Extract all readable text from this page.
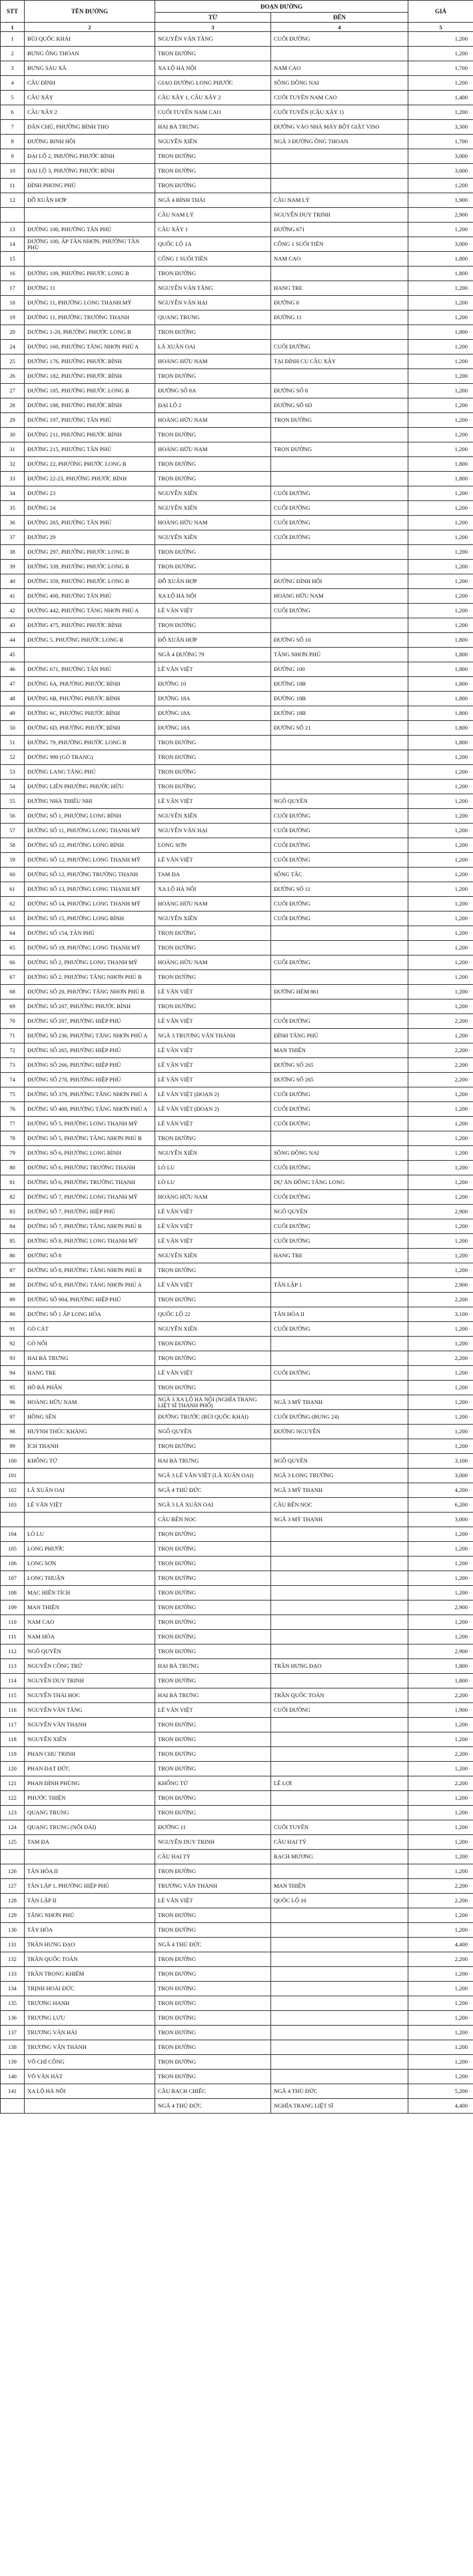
STT	TÊN ĐƯỜNG	ĐOẠN ĐƯỜNG		GIÁ
		TỪ	ĐẾN	
1	2	3	4	5
1	BÙI QUỐC KHÁI	NGUYỄN VĂN TĂNG	CUỐI ĐƯỜNG	1,200
2	BƯNG ÔNG THOAN	TRỌN ĐƯỜNG		1,200
3	BƯNG SÁU XÃ	XA LỘ HÀ NỘI	NAM CAO	1,700
4	CẦU ĐÌNH	GIAO ĐƯỜNG LONG PHƯỚC	SÔNG ĐỒNG NAI	1,200
5	CẦU XÂY	CẦU XÂY 1, CẦU XÂY 2	CUỐI TUYẾN NAM CAO	1,400
6	CẦU XÂY 2	CUỐI TUYẾN NAM CAO	CUỐI TUYẾN (CẦU XÂY 1)	1,200
7	DÂN CHỦ, PHƯỜNG BÌNH THỌ	HAI BÀ TRƯNG	ĐƯỜNG VÀO NHÀ MÁY BỘT GIẶT VISO	3,300
8	ĐƯỜNG BINH HỘI	NGUYỄN XIỂN	NGÃ 3 ĐƯỜNG ÔNG THOAN	1,700
9	ĐẠI LỘ 2, PHƯỜNG PHƯỚC BÌNH	TRỌN ĐƯỜNG		3,000
10	ĐẠI LỘ 3, PHƯỜNG PHƯỚC BÌNH	TRỌN ĐƯỜNG		3,000
11	ĐÌNH PHONG PHÚ	TRỌN ĐƯỜNG		1,200
12	ĐỖ XUÂN HỢP	NGÃ 4 BÌNH THÁI	CẦU NAM LÝ	1,900
		CẦU NAM LÝ	NGUYỄN DUY TRINH	2,900
13	ĐƯỜNG 100, PHƯỜNG TÂN PHÚ	CẦU XÂY 1	ĐƯỜNG 671	1,200
14	ĐƯỜNG 100, ẤP TÂN NHƠN, PHƯỜNG TÂN PHÚ	QUỐC LỘ 1A	CÔNG 1 SUỐI TIÊN	3,000
15		CÔNG 1 SUỐI TIÊN	NAM CAO	1,800
16	ĐƯỜNG 109, PHƯỜNG PHƯỚC LONG B	TRỌN ĐƯỜNG		1,800
17	ĐƯỜNG 11	NGUYỄN VĂN TĂNG	HANG TRE	1,200
18	ĐƯỜNG 11, PHƯỜNG LONG THẠNH MỸ	NGUYỄN VĂN HẠI	ĐƯỜNG 8	1,200
19	ĐƯỜNG 11, PHƯỜNG TRƯỜNG THẠNH	QUANG TRUNG	ĐƯỜNG 11	1,200
20	ĐƯỜNG 1-20, PHƯỜNG PHƯỚC LONG B	TRỌN ĐƯỜNG		1,800
24	ĐƯỜNG 160, PHƯỜNG TĂNG NHƠN PHÚ A	LÃ XUÂN OAI	CUỐI ĐƯỜNG	1,200
25	ĐƯỜNG 176, PHƯỜNG PHƯỚC BÌNH	HOÀNG HỮU NAM	TẠI ĐỈNH CU CẦU XÂY	1,200
26	ĐƯỜNG 182, PHƯỜNG PHƯỚC BÌNH	TRỌN ĐƯỜNG		1,200
27	ĐƯỜNG 185, PHƯỜNG PHƯỚC LONG B	ĐƯỜNG SỐ 8A	ĐƯỜNG SỐ 8	1,200
28	ĐƯỜNG 188, PHƯỜNG PHƯỚC BÌNH	ĐẠI LỘ 2	ĐƯỜNG SỐ 6D	1,200
29	ĐƯỜNG 197, PHƯỜNG TÂN PHÚ	HOÀNG HỮU NAM	TRỌN ĐƯỜNG	1,200
30	ĐƯỜNG 211, PHƯỜNG PHƯỚC BÌNH	TRỌN ĐƯỜNG		1,200
31	ĐƯỜNG 215, PHƯỜNG TÂN PHÚ	HOÀNG HỮU NAM	TRỌN ĐƯỜNG	1,200
32	ĐƯỜNG 22, PHƯỜNG PHƯỚC LONG B	TRỌN ĐƯỜNG		1,800
33	ĐƯỜNG 22-23, PHƯỜNG PHƯỚC BÌNH	TRỌN ĐƯỜNG		1,800
34	ĐƯỜNG 23	NGUYỄN XIỂN	CUỐI ĐƯỜNG	1,200
35	ĐƯỜNG 24	NGUYỄN XIỂN	CUỐI ĐƯỜNG	1,200
36	ĐƯỜNG 265, PHƯỜNG TÂN PHÚ	HOÀNG HỮU NAM	CUỐI ĐƯỜNG	1,200
37	ĐƯỜNG 29	NGUYỄN XIỂN	CUỐI ĐƯỜNG	1,200
38	ĐƯỜNG 297, PHƯỜNG PHƯỚC LONG B	TRỌN ĐƯỜNG		1,200
39	ĐƯỜNG 339, PHƯỜNG PHƯỚC LONG B	TRỌN ĐƯỜNG		1,200
40	ĐƯỜNG 359, PHƯỜNG PHƯỚC LONG B	ĐỖ XUÂN HỢP	ĐƯỜNG ĐÌNH HỘI	1,200
41	ĐƯỜNG 400, PHƯỜNG TÂN PHÚ	XA LỘ HÀ NỘI	HOÀNG HỮU NAM	1,200
42	ĐƯỜNG 442, PHƯỜNG TĂNG NHƠN PHÚ A	LÊ VĂN VIỆT	CUỐI ĐƯỜNG	1,200
43	ĐƯỜNG 475, PHƯỜNG PHƯỚC BÌNH	TRỌN ĐƯỜNG		1,200
44	ĐƯỜNG 5, PHƯỜNG PHƯỚC LONG B	ĐỖ XUÂN HỢP	ĐƯỜNG SỐ 10	1,800
45		NGÃ 4 ĐƯỜNG 79	TĂNG NHƠN PHÚ	1,800
46	ĐƯỜNG 671, PHƯỜNG TÂN PHÚ	LÊ VĂN VIỆT	ĐƯỜNG 100	1,800
47	ĐƯỜNG 6A, PHƯỜNG PHƯỚC BÌNH	ĐƯỜNG 10	ĐƯỜNG 18B	1,800
48	ĐƯỜNG 6B, PHƯỜNG PHƯỚC BÌNH	ĐƯỜNG 18A	ĐƯỜNG 18B	1,800
49	ĐƯỜNG 6C, PHƯỜNG PHƯỚC BÌNH	ĐƯỜNG 18A	ĐƯỜNG 18B	1,800
50	ĐƯỜNG 6D, PHƯỜNG PHƯỚC BÌNH	ĐƯỜNG 18A	ĐƯỜNG SỐ 21	1,800
51	ĐƯỜNG 79, PHƯỜNG PHƯỚC LONG B	TRỌN ĐƯỜNG		1,800
52	ĐƯỜNG 990 (GÒ TRANG)	TRỌN ĐƯỜNG		1,200
53	ĐƯỜNG LANG TĂNG PHÚ	TRỌN ĐƯỜNG		1,200
54	ĐƯỜNG LIÊN PHƯỜNG PHƯỚC HỮU	TRỌN ĐƯỜNG		1,200
55	ĐƯỜNG NHÀ THIẾU NHI	LÊ VĂN VIỆT	NGÔ QUYỀN	1,200
56	ĐƯỜNG SỐ 1, PHƯỜNG LONG BÌNH	NGUYỄN XIỂN	CUỐI ĐƯỜNG	1,200
57	ĐƯỜNG SỐ 11, PHƯỜNG LONG THẠNH MỸ	NGUYỄN VĂN HẠI	CUỐI ĐƯỜNG	1,200
58	ĐƯỜNG SỐ 12, PHƯỜNG LONG BÌNH	LONG SƠN	CUỐI ĐƯỜNG	1,200
59	ĐƯỜNG SỐ 12, PHƯỜNG LONG THẠNH MỸ	LÊ VĂN VIỆT	CUỐI ĐƯỜNG	1,200
60	ĐƯỜNG SỐ 12, PHƯỜNG TRƯỜNG THẠNH	TAM ĐA	SÔNG TẮC	1,200
61	ĐƯỜNG SỐ 13, PHƯỜNG LONG THẠNH MỸ	XA LỘ HÀ NỘI	ĐƯỜNG SỐ 11	1,200
62	ĐƯỜNG SỐ 14, PHƯỜNG LONG THẠNH MỸ	HOÀNG HỮU NAM	CUỐI ĐƯỜNG	1,200
63	ĐƯỜNG SỐ 15, PHƯỜNG LONG BÌNH	NGUYỄN XIỂN	CUỐI ĐƯỜNG	1,200
64	ĐƯỜNG SỐ 154, TÂN PHÚ	TRỌN ĐƯỜNG		1,200
65	ĐƯỜNG SỐ 19, PHƯỜNG LONG THẠNH MỸ	TRỌN ĐƯỜNG		1,200
66	ĐƯỜNG SỐ 2, PHƯỜNG LONG THẠNH MỸ	HOÀNG HỮU NAM	CUỐI ĐƯỜNG	1,200
67	ĐƯỜNG SỐ 2, PHƯỜNG TĂNG NHƠN PHÚ B	TRỌN ĐƯỜNG		1,200
68	ĐƯỜNG SỐ 20, PHƯỜNG TĂNG NHƠN PHÚ B	LÊ VĂN VIỆT	ĐƯỜNG HẺM 861	1,200
69	ĐƯỜNG SỐ 207, PHƯỜNG PHƯỚC BÌNH	TRỌN ĐƯỜNG		1,200
70	ĐƯỜNG SỐ 207, PHƯỜNG HIỆP PHÚ	LÊ VĂN VIỆT	CUỐI ĐƯỜNG	2,200
71	ĐƯỜNG SỐ 236, PHƯỜNG TĂNG NHƠN PHÚ A	NGÃ 3 TRƯƠNG VĂN THÀNH	ĐÌNH TĂNG PHÚ	1,200
72	ĐƯỜNG SỐ 265, PHƯỜNG HIỆP PHÚ	LÊ VĂN VIỆT	MAN THIỆN	2,200
73	ĐƯỜNG SỐ 266, PHƯỜNG HIỆP PHÚ	LÊ VĂN VIỆT	ĐƯỜNG SỐ 265	2,200
74	ĐƯỜNG SỐ 270, PHƯỜNG HIỆP PHÚ	LÊ VĂN VIỆT	ĐƯỜNG SỐ 265	2,200
75	ĐƯỜNG SỐ 379, PHƯỜNG TĂNG NHƠN PHÚ A	LÊ VĂN VIỆT (ĐOẠN 2)	CUỐI ĐƯỜNG	1,200
76	ĐƯỜNG SỐ 400, PHƯỜNG TĂNG NHƠN PHÚ A	LÊ VĂN VIỆT (ĐOẠN 2)	CUỐI ĐƯỜNG	1,200
77	ĐƯỜNG SỐ 5, PHƯỜNG LONG THẠNH MỸ	LÊ VĂN VIỆT	CUỐI ĐƯỜNG	1,200
78	ĐƯỜNG SỐ 5, PHƯỜNG TĂNG NHƠN PHÚ B	TRỌN ĐƯỜNG		1,200
79	ĐƯỜNG SỐ 6, PHƯỜNG LONG BÌNH	NGUYỄN XIỂN	SÔNG ĐỒNG NAI	1,200
80	ĐƯỜNG SỐ 6, PHƯỜNG TRƯỜNG THẠNH	LÒ LU	CUỐI ĐƯỜNG	1,200
81	ĐƯỜNG SỐ 6, PHƯỜNG TRƯỜNG THẠNH	LÒ LU	DỰ ÁN ĐÔNG TĂNG LONG	1,200
82	ĐƯỜNG SỐ 7, PHƯỜNG LONG THẠNH MỸ	HOÀNG HỮU NAM	CUỐI ĐƯỜNG	1,200
83	ĐƯỜNG SỐ 7, PHƯỜNG HIỆP PHÚ	LÊ VĂN VIỆT	NGÔ QUYỀN	2,900
84	ĐƯỜNG SỐ 7, PHƯỜNG TĂNG NHƠN PHÚ B	LÊ VĂN VIỆT	CUỐI ĐƯỜNG	1,200
85	ĐƯỜNG SỐ 8, PHƯỜNG LONG THẠNH MỸ	LÊ VĂN VIỆT	CUỐI ĐƯỜNG	1,200
86	ĐƯỜNG SỐ 8	NGUYỄN XIỂN	HANG TRE	1,200
87	ĐƯỜNG SỐ 8, PHƯỜNG TĂNG NHƠN PHÚ B	TRỌN ĐƯỜNG		1,200
88	ĐƯỜNG SỐ 8, PHƯỜNG TĂNG NHƠN PHÚ A	LÊ VĂN VIỆT	TÂN LẬP 1	2,900
89	ĐƯỜNG SỐ 904, PHƯỜNG HIỆP PHÚ	TRỌN ĐƯỜNG		2,200
90	ĐƯỜNG SỐ 1 ẤP LONG HÒA	QUỐC LỘ 22	TÂN HÒA II	3,100
91	GÒ CÁT	NGUYỄN XIỂN	CUỐI ĐƯỜNG	1,200
92	GÒ NỔI	TRỌN ĐƯỜNG		1,200
93	HAI BÀ TRƯNG	TRỌN ĐƯỜNG		2,200
94	HANG TRE	LÊ VĂN VIỆT	CUỐI ĐƯỜNG	1,200
95	HỒ BÁ PHẤN	TRỌN ĐƯỜNG		1,200
96	HOÀNG HỮU NAM	NGÃ 3 XA LỘ HÀ NỘI (NGHĨA TRANG LIỆT SĨ THÀNH PHỐ)	NGÃ 3 MỸ THẠNH	1,200
97	HỒNG SẾN	ĐƯỜNG TRƯỚC (BÙI QUỐC KHÁI)	CUỐI ĐƯỜNG (BUNG 24)	1,200
98	HUỲNH THÚC KHÁNG	NGÔ QUYỀN	ĐƯỜNG NGUYỄN	1,200
99	ÍCH THẠNH	TRỌN ĐƯỜNG		1,200
100	KHỔNG TỬ	HAI BÀ TRƯNG	NGÔ QUYỀN	3,100
101		NGÃ 3 LÊ VĂN VIỆT (LÃ XUÂN OAI)	NGÃ 3 LONG TRƯỜNG	3,000
102	LÃ XUÂN OAI	NGÃ 4 THỦ ĐỨC	NGÃ 3 MỸ THẠNH	4,200
103	LÊ VĂN VIỆT	NGÃ 3 LÃ XUÂN OAI	CẦU BẾN NỌC	6,200
		CẦU BẾN NỌC	NGÃ 3 MỸ THẠNH	3,000
104	LÒ LU	TRỌN ĐƯỜNG		1,200
105	LONG PHƯỚC	TRỌN ĐƯỜNG		1,200
106	LONG SƠN	TRỌN ĐƯỜNG		1,200
107	LONG THUẬN	TRỌN ĐƯỜNG		1,200
108	MẠC HIỂN TÍCH	TRỌN ĐƯỜNG		1,200
109	MAN THIỆN	TRỌN ĐƯỜNG		2,900
110	NAM CAO	TRỌN ĐƯỜNG		1,200
111	NAM HÒA	TRỌN ĐƯỜNG		1,200
112	NGÔ QUYỀN	TRỌN ĐƯỜNG		2,900
113	NGUYỄN CÔNG TRỨ	HAI BÀ TRƯNG	TRẦN HƯNG ĐẠO	1,800
114	NGUYỄN DUY TRINH	TRỌN ĐƯỜNG		1,800
115	NGUYỄN THÁI HỌC	HAI BÀ TRƯNG	TRẦN QUỐC TOẢN	2,200
116	NGUYỄN VĂN TĂNG	LÊ VĂN VIỆT	CUỐI ĐƯỜNG	1,900
117	NGUYỄN VĂN THẠNH	TRỌN ĐƯỜNG		1,200
118	NGUYỄN XIỂN	TRỌN ĐƯỜNG		1,200
119	PHAN CHU TRINH	TRỌN ĐƯỜNG		2,200
120	PHAN ĐẠT ĐỨC	TRỌN ĐƯỜNG		1,200
121	PHAN ĐÌNH PHÙNG	KHỔNG TỬ	LÊ LỢI	2,200
122	PHƯỚC THIỆN	TRỌN ĐƯỜNG		1,200
123	QUANG TRUNG	TRỌN ĐƯỜNG		1,200
124	QUANG TRUNG (NỐI DÀI)	ĐƯỜNG 11	CUỐI TUYẾN	1,200
125	TAM ĐA	NGUYỄN DUY TRINH	CẦU HAI TÝ	1,200
		CẦU HAI TÝ	RẠCH MƯƠNG	1,200
126	TÂN HÒA II	TRỌN ĐƯỜNG		1,200
127	TÂN LẬP 1, PHƯỜNG HIỆP PHÚ	TRƯƠNG VĂN THÀNH	MAN THIỆN	2,200
128	TÂN LẬP II	LÊ VĂN VIỆT	QUỐC LỘ 10	2,200
129	TĂNG NHƠN PHÚ	TRỌN ĐƯỜNG		1,200
130	TÂY HÒA	TRỌN ĐƯỜNG		1,200
131	TRẦN HƯNG ĐẠO	NGÃ 4 THỦ ĐỨC		4,400
132	TRẦN QUỐC TOẢN	TRỌN ĐƯỜNG		2,200
133	TRẦN TRỌNG KHIÊM	TRỌN ĐƯỜNG		1,200
134	TRỊNH HOÀI ĐỨC	TRỌN ĐƯỜNG		1,200
135	TRƯƠNG HANH	TRỌN ĐƯỜNG		1,200
136	TRƯƠNG LƯU	TRỌN ĐƯỜNG		1,200
137	TRƯƠNG VĂN HẢI	TRỌN ĐƯỜNG		1,200
138	TRƯƠNG VĂN THÀNH	TRỌN ĐƯỜNG		1,200
139	VÕ CHÍ CÔNG	TRỌN ĐƯỜNG		1,200
140	VÕ VĂN HÁT	TRỌN ĐƯỜNG		1,200
141	XA LỘ HÀ NỘI	CẦU RẠCH CHIẾC	NGÃ 4 THỦ ĐỨC	5,200
		NGÃ 4 THỦ ĐỨC	NGHĨA TRANG LIỆT SĨ	4,400
